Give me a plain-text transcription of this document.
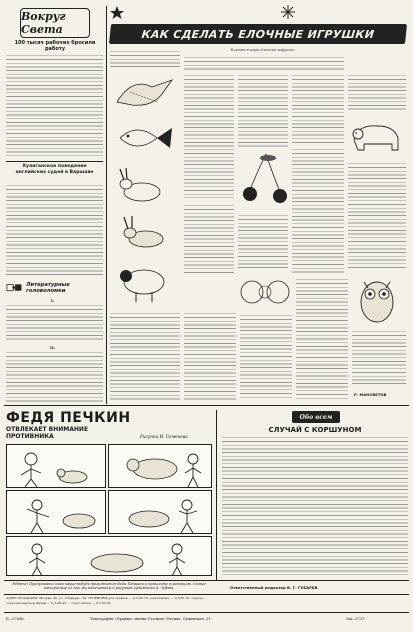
Вокруг Света
100 тысяч рабочих бросили работу
Хулиганское поведение английских судей в Варшаве
Литературные головоломки
I.
II.
КАК СДЕЛАТЬ ЕЛОЧНЫЕ ИГРУШКИ
Клеются игры ёлочных игрушек...
Р. МАНСВЕТОВ
ФЕДЯ ПЕЧКИН
ОТВЛЕКАЕТ ВНИМАНИЕ ПРОТИВНИКА	Рисунки И. Семенова
Обо всем
СЛУЧАЙ С КОРШУНОМ
Ребята! Придумайте сами какие-нибудь приключения Феди Печкина и пришлите в редакцию. Самые интересные из них мы напечатаем в рисунках художника А. Зубова.	Ответственный редактор В. Г. ГУБАРЕВ.
АДРЕС РЕДАКЦИИ: Москва, 40, ул. «Правды», 24. ТЕЛЕФОНЫ для справок — Д 3-60-70; секретариат — Д 3-65-70; отделы...
отдел пионерской жизни — Д 3-68-43 ... отдел писем — Д 3-60-50.
Б—07846.	Типография «Правды» имени Сталина. Москва, Сущевская, 21.	Зак. 2737.
